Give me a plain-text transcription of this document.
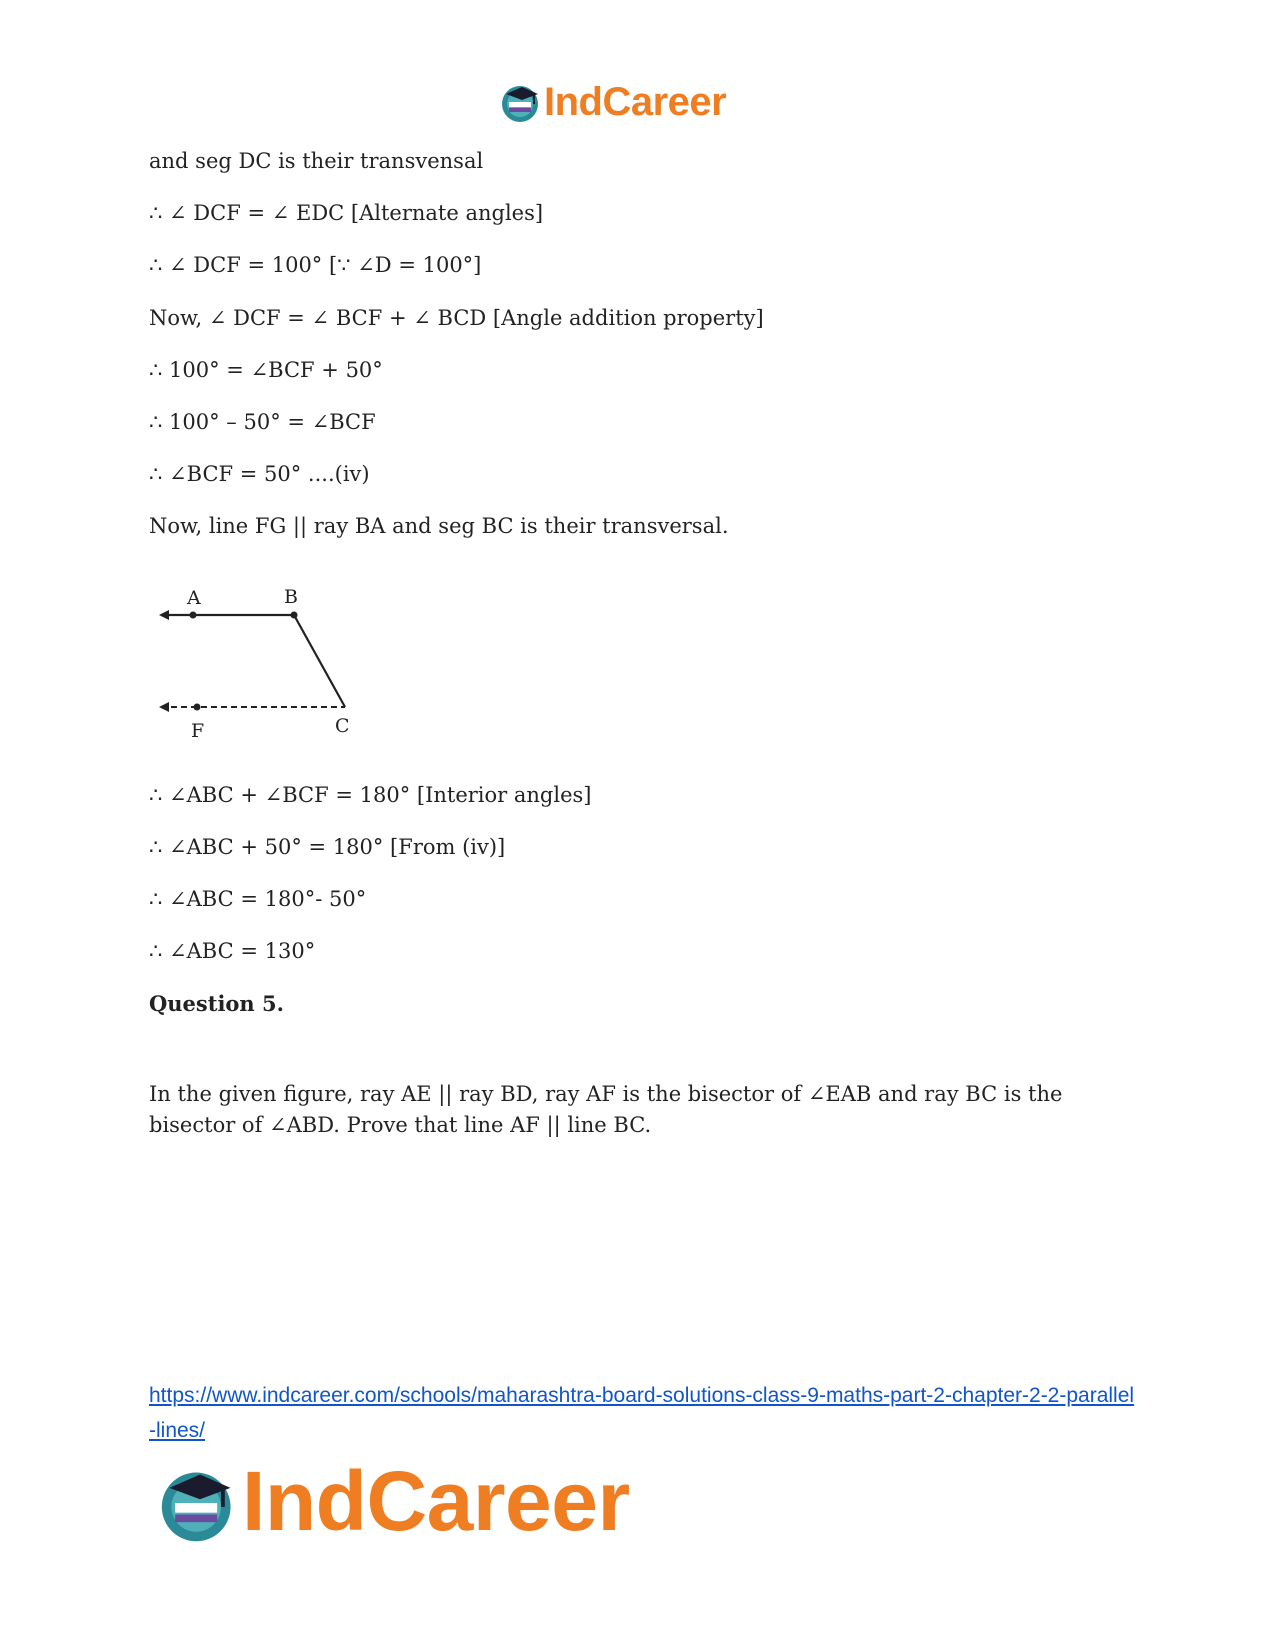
IndCareer

and seg DC is their transvensal

∴ ∠ DCF = ∠ EDC [Alternate angles]

∴ ∠ DCF = 100° [∵ ∠D = 100°]

Now, ∠ DCF = ∠ BCF + ∠ BCD [Angle addition property]

∴ 100° = ∠BCF + 50°

∴ 100° – 50° = ∠BCF

∴ ∠BCF = 50° ....(iv)

Now, line FG || ray BA and seg BC is their transversal.

∴ ∠ABC + ∠BCF = 180° [Interior angles]

∴ ∠ABC + 50° = 180° [From (iv)]

∴ ∠ABC = 180°- 50°

∴ ∠ABC = 130°

Question 5.

A	B
C
F

In the given figure, ray AE || ray BD, ray AF is the bisector of ∠EAB and ray BC is the bisector of ∠ABD. Prove that line AF || line BC.

https://www.indcareer.com/schools/maharashtra-board-solutions-class-9-maths-part-2-chapter-2-2-parallel-lines/
IndCareer
